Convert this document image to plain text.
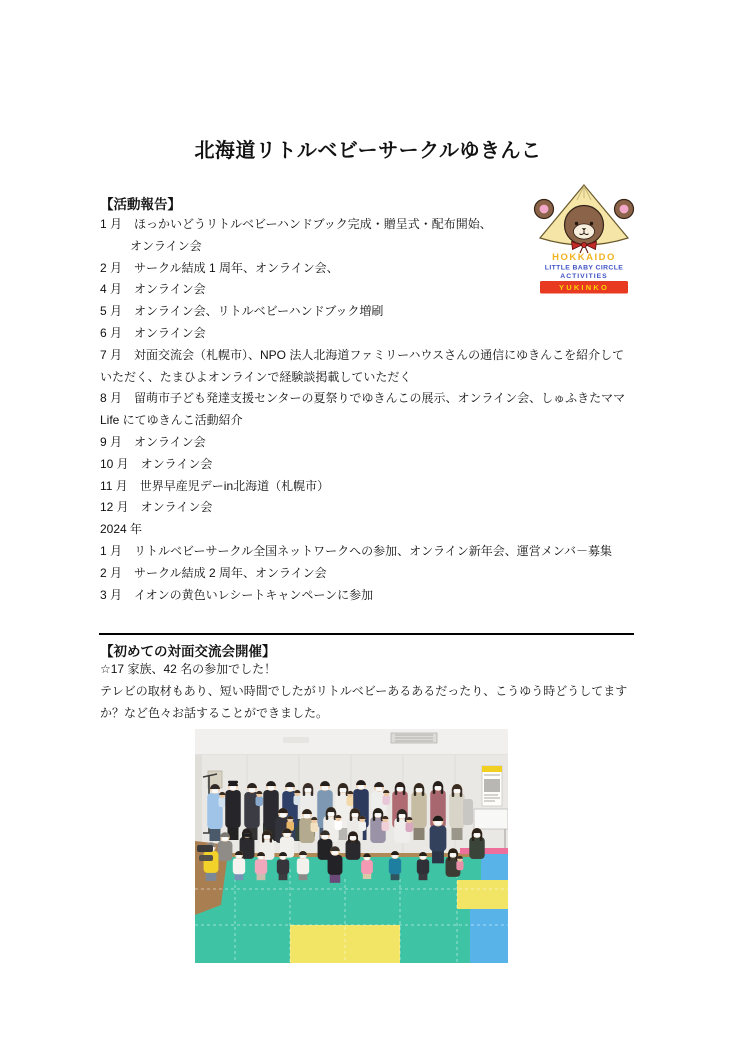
北海道リトルベビーサークルゆきんこ
【活動報告】
1 月　ほっかいどうリトルベビーハンドブック完成・贈呈式・配布開始、
オンライン会
2 月　サークル結成 1 周年、オンライン会、
4 月　オンライン会
5 月　オンライン会、リトルベビーハンドブック増刷
6 月　オンライン会
7 月　対面交流会（札幌市）、NPO 法人北海道ファミリーハウスさんの通信にゆきんこを紹介して
いただく、たまひよオンラインで経験談掲載していただく
8 月　留萌市子ども発達支援センターの夏祭りでゆきんこの展示、オンライン会、しゅふきたママ
Life にてゆきんこ活動紹介
9 月　オンライン会
10 月　オンライン会
11 月　世界早産児デーin北海道（札幌市）
12 月　オンライン会
2024 年
1 月　リトルベビーサークル全国ネットワークへの参加、オンライン新年会、運営メンバ－募集
2 月　サークル結成 2 周年、オンライン会
3 月　イオンの黄色いレシートキャンペーンに参加
HOKKAIDO
LITTLE BABY CIRCLE
ACTIVITIES
YUKINKO
【初めての対面交流会開催】
☆17 家族、42 名の参加でした！
テレビの取材もあり、短い時間でしたがリトルベビーあるあるだったり、こうゆう時どうしてます
か？など色々お話することができました。
